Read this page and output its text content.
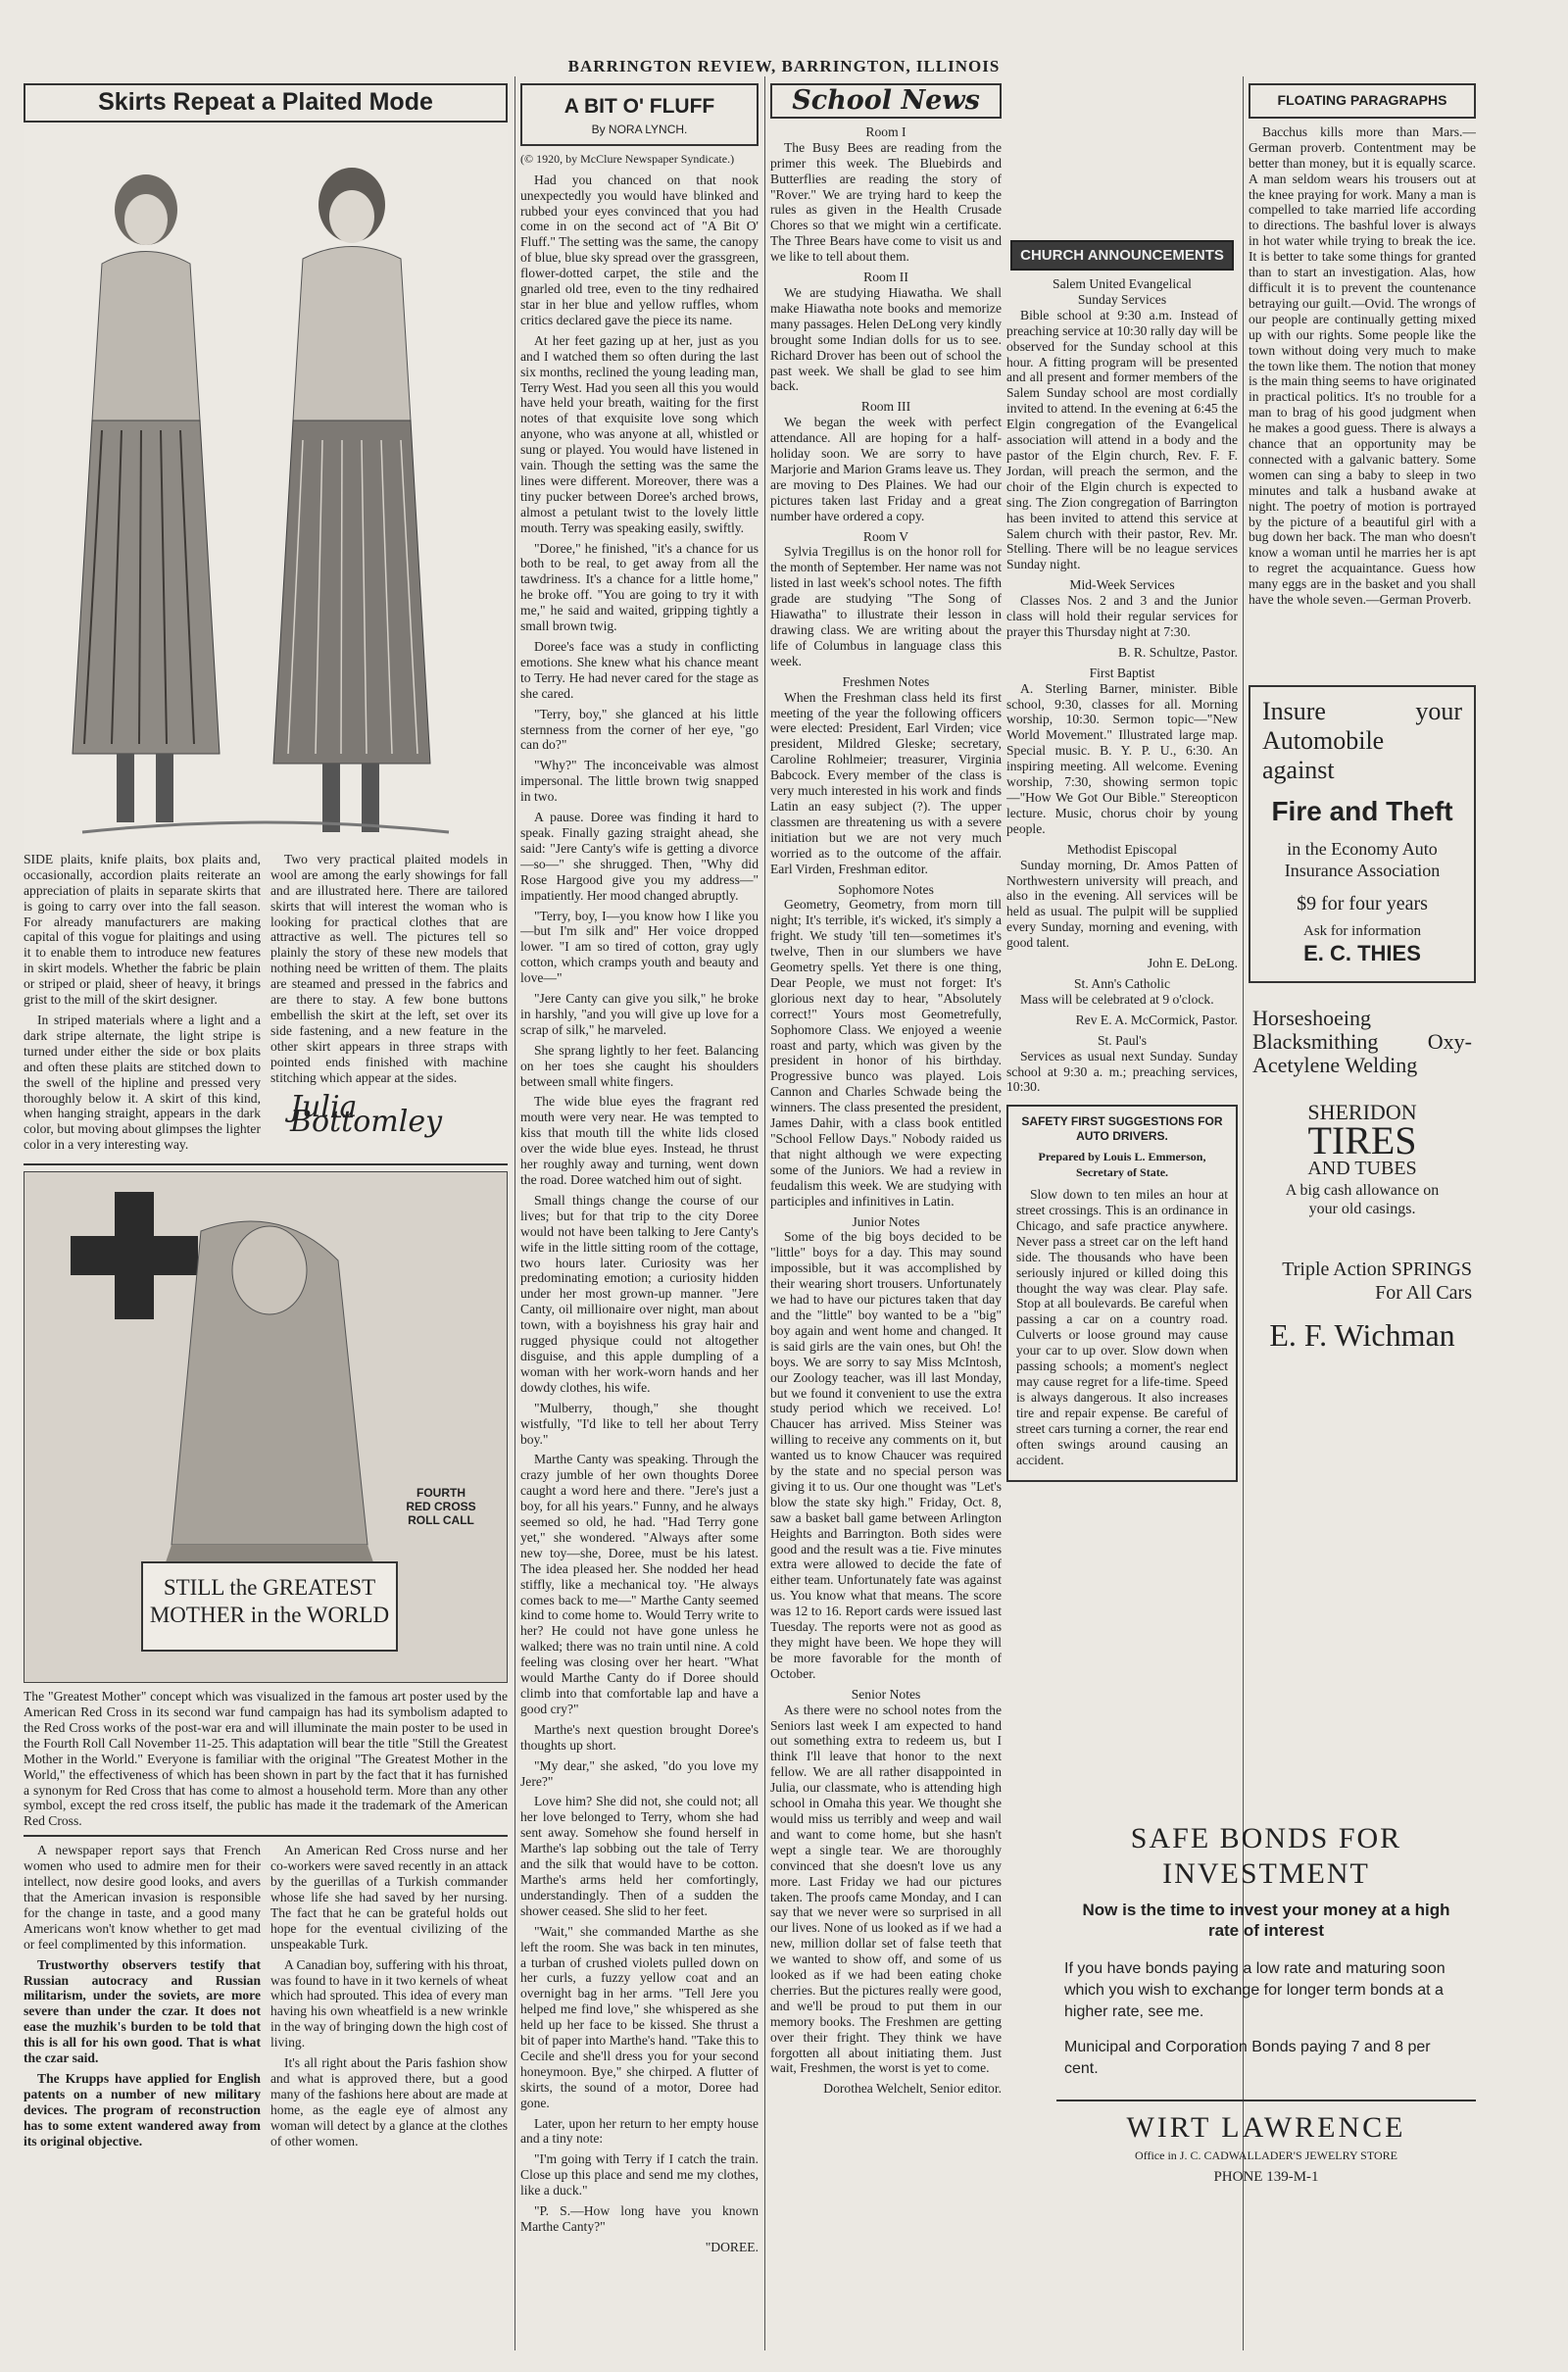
BARRINGTON REVIEW, BARRINGTON, ILLINOIS
Skirts Repeat a Plaited Mode

SIDE plaits, knife plaits, box plaits and, occasionally, accordion plaits reiterate an appreciation of plaits in separate skirts that is going to carry over into the fall season. For already manufacturers are making capital of this vogue for plaitings and using it to enable them to introduce new features in skirt models. Whether the fabric be plain or striped or plaid, sheer of heavy, it brings grist to the mill of the skirt designer.

In striped materials where a light and a dark stripe alternate, the light stripe is turned under either the side or box plaits and often these plaits are stitched down to the swell of the hipline and pressed very thoroughly below it. A skirt of this kind, when hanging straight, appears in the dark color, but moving about glimpses the lighter color in a very interesting way.

Two very practical plaited models in wool are among the early showings for fall and are illustrated here. There are tailored skirts that will interest the woman who is looking for practical clothes that are attractive as well. The pictures tell so plainly the story of these new models that nothing need be written of them. The plaits are steamed and pressed in the fabrics and are there to stay. A few bone buttons embellish the skirt at the left, set over its side fastening, and a new feature in the other skirt appears in three straps with pointed ends finished with machine stitching which appear at the sides.

Julia Bottomley
FOURTH
RED CROSS
ROLL CALL
STILL the GREATEST MOTHER in the WORLD

The "Greatest Mother" concept which was visualized in the famous art poster used by the American Red Cross in its second war fund campaign has had its symbolism adapted to the Red Cross works of the post-war era and will illuminate the main poster to be used in the Fourth Roll Call November 11-25. This adaptation will bear the title "Still the Greatest Mother in the World." Everyone is familiar with the original "The Greatest Mother in the World," the effectiveness of which has been shown in part by the fact that it has furnished a synonym for Red Cross that has come to almost a household term. More than any other symbol, except the red cross itself, the public has made it the trademark of the American Red Cross.

A newspaper report says that French women who used to admire men for their intellect, now desire good looks, and avers that the American invasion is responsible for the change in taste, and a good many Americans won't know whether to get mad or feel complimented by this information.

Trustworthy observers testify that Russian autocracy and Russian militarism, under the soviets, are more severe than under the czar. It does not ease the muzhik's burden to be told that this is all for his own good. That is what the czar said.

The Krupps have applied for English patents on a number of new military devices. The program of reconstruction has to some extent wandered away from its original objective.

An American Red Cross nurse and her co-workers were saved recently in an attack by the guerillas of a Turkish commander whose life she had saved by her nursing. The fact that he can be grateful holds out hope for the eventual civilizing of the unspeakable Turk.

A Canadian boy, suffering with his throat, was found to have in it two kernels of wheat which had sprouted. This idea of every man having his own wheatfield is a new wrinkle in the way of bringing down the high cost of living.

It's all right about the Paris fashion show and what is approved there, but a good many of the fashions here about are made at home, as the eagle eye of almost any woman will detect by a glance at the clothes of other women.

A BIT O' FLUFF
By NORA LYNCH.

(© 1920, by McClure Newspaper Syndicate.)

Had you chanced on that nook unexpectedly you would have blinked and rubbed your eyes convinced that you had come in on the second act of "A Bit O' Fluff." The setting was the same, the canopy of blue, blue sky spread over the grassgreen, flower-dotted carpet, the stile and the gnarled old tree, even to the tiny redhaired star in her blue and yellow ruffles, whom critics declared gave the piece its name.

At her feet gazing up at her, just as you and I watched them so often during the last six months, reclined the young leading man, Terry West. Had you seen all this you would have held your breath, waiting for the first notes of that exquisite love song which anyone, who was anyone at all, whistled or sung or played. You would have listened in vain. Though the setting was the same the lines were different. Moreover, there was a tiny pucker between Doree's arched brows, almost a petulant twist to the lovely little mouth. Terry was speaking easily, swiftly.

"Doree," he finished, "it's a chance for us both to be real, to get away from all the tawdriness. It's a chance for a little home," he broke off. "You are going to try it with me," he said and waited, gripping tightly a small brown twig.

Doree's face was a study in conflicting emotions. She knew what his chance meant to Terry. He had never cared for the stage as she cared.

"Terry, boy," she glanced at his little sternness from the corner of her eye, "go can do?"

"Why?" The inconceivable was almost impersonal. The little brown twig snapped in two.

A pause. Doree was finding it hard to speak. Finally gazing straight ahead, she said: "Jere Canty's wife is getting a divorce—so—" she shrugged. Then, "Why did Rose Hargood give you my address—" impatiently. Her mood changed abruptly.

"Terry, boy, I—you know how I like you—but I'm silk and" Her voice dropped lower. "I am so tired of cotton, gray ugly cotton, which cramps youth and beauty and love—"

"Jere Canty can give you silk," he broke in harshly, "and you will give up love for a scrap of silk," he marveled.

She sprang lightly to her feet. Balancing on her toes she caught his shoulders between small white fingers.

The wide blue eyes the fragrant red mouth were very near. He was tempted to kiss that mouth till the white lids closed over the wide blue eyes. Instead, he thrust her roughly away and turning, went down the road. Doree watched him out of sight.

Small things change the course of our lives; but for that trip to the city Doree would not have been talking to Jere Canty's wife in the little sitting room of the cottage, two hours later. Curiosity was her predominating emotion; a curiosity hidden under her most grown-up manner. "Jere Canty, oil millionaire over night, man about town, with a boyishness his gray hair and rugged physique could not altogether disguise, and this apple dumpling of a woman with her work-worn hands and her dowdy clothes, his wife.

"Mulberry, though," she thought wistfully, "I'd like to tell her about Terry boy."

Marthe Canty was speaking. Through the crazy jumble of her own thoughts Doree caught a word here and there. "Jere's just a boy, for all his years." Funny, and he always seemed so old, he had. "Had Terry gone yet," she wondered. "Always after some new toy—she, Doree, must be his latest. The idea pleased her. She nodded her head stiffly, like a mechanical toy. "He always comes back to me—" Marthe Canty seemed kind to come home to. Would Terry write to her? He could not have gone unless he walked; there was no train until nine. A cold feeling was closing over her heart. "What would Marthe Canty do if Doree should climb into that comfortable lap and have a good cry?"

Marthe's next question brought Doree's thoughts up short.

"My dear," she asked, "do you love my Jere?"

Love him? She did not, she could not; all her love belonged to Terry, whom she had sent away. Somehow she found herself in Marthe's lap sobbing out the tale of Terry and the silk that would have to be cotton. Marthe's arms held her comfortingly, understandingly. Then of a sudden the shower ceased. She slid to her feet.

"Wait," she commanded Marthe as she left the room. She was back in ten minutes, a turban of crushed violets pulled down on her curls, a fuzzy yellow coat and an overnight bag in her arms. "Tell Jere you helped me find love," she whispered as she held up her face to be kissed. She thrust a bit of paper into Marthe's hand. "Take this to Cecile and she'll dress you for your second honeymoon. Bye," she chirped. A flutter of skirts, the sound of a motor, Doree had gone.

Later, upon her return to her empty house and a tiny note:

"I'm going with Terry if I catch the train. Close up this place and send me my clothes, like a duck."

"P. S.—How long have you known Marthe Canty?"

"DOREE.

School News
Room I

The Busy Bees are reading from the primer this week. The Bluebirds and Butterflies are reading the story of "Rover." We are trying hard to keep the rules as given in the Health Crusade Chores so that we might win a certificate. The Three Bears have come to visit us and we like to tell about them.

Room II

We are studying Hiawatha. We shall make Hiawatha note books and memorize many passages. Helen DeLong very kindly brought some Indian dolls for us to see. Richard Drover has been out of school the past week. We shall be glad to see him back.

Room III

We began the week with perfect attendance. All are hoping for a half-holiday soon. We are sorry to have Marjorie and Marion Grams leave us. They are moving to Des Plaines. We had our pictures taken last Friday and a great number have ordered a copy.

Room V

Sylvia Tregillus is on the honor roll for the month of September. Her name was not listed in last week's school notes. The fifth grade are studying "The Song of Hiawatha" to illustrate their lesson in drawing class. We are writing about the life of Columbus in language class this week.

Freshmen Notes

When the Freshman class held its first meeting of the year the following officers were elected: President, Earl Virden; vice president, Mildred Gleske; secretary, Caroline Rohlmeier; treasurer, Virginia Babcock. Every member of the class is very much interested in his work and finds Latin an easy subject (?). The upper classmen are threatening us with a severe initiation but we are not very much worried as to the outcome of the affair. Earl Virden, Freshman editor.

Sophomore Notes

Geometry, Geometry, from morn till night; It's terrible, it's wicked, it's simply a fright. We study 'till ten—sometimes it's twelve, Then in our slumbers we have Geometry spells. Yet there is one thing, Dear People, we must not forget: It's glorious next day to hear, "Absolutely correct!" Yours most Geometrefully, Sophomore Class. We enjoyed a weenie roast and party, which was given by the president in honor of his birthday. Progressive bunco was played. Lois Cannon and Charles Schwade being the winners. The class presented the president, James Dahir, with a class book entitled "School Fellow Days." Nobody raided us that night although we were expecting some of the Juniors. We had a review in feudalism this week. We are studying with participles and infinitives in Latin.

Junior Notes

Some of the big boys decided to be "little" boys for a day. This may sound impossible, but it was accomplished by their wearing short trousers. Unfortunately we had to have our pictures taken that day and the "little" boy wanted to be a "big" boy again and went home and changed. It is said girls are the vain ones, but Oh! the boys. We are sorry to say Miss McIntosh, our Zoology teacher, was ill last Monday, but we found it convenient to use the extra study period which we received. Lo! Chaucer has arrived. Miss Steiner was willing to receive any comments on it, but wanted us to know Chaucer was required by the state and no special person was giving it to us. Our one thought was "Let's blow the state sky high." Friday, Oct. 8, saw a basket ball game between Arlington Heights and Barrington. Both sides were good and the result was a tie. Five minutes extra were allowed to decide the fate of either team. Unfortunately fate was against us. You know what that means. The score was 12 to 16. Report cards were issued last Tuesday. The reports were not as good as they might have been. We hope they will be more favorable for the month of October.

Senior Notes

As there were no school notes from the Seniors last week I am expected to hand out something extra to redeem us, but I think I'll leave that honor to the next fellow. We are all rather disappointed in Julia, our classmate, who is attending high school in Omaha this year. We thought she would miss us terribly and weep and wail and want to come home, but she hasn't wept a single tear. We are thoroughly convinced that she doesn't love us any more. Last Friday we had our pictures taken. The proofs came Monday, and I can say that we never were so surprised in all our lives. None of us looked as if we had a new, million dollar set of false teeth that we wanted to show off, and some of us looked as if we had been eating choke cherries. But the pictures really were good, and we'll be proud to put them in our memory books. The Freshmen are getting over their fright. They think we have forgotten all about initiating them. Just wait, Freshmen, the worst is yet to come.

Dorothea Welchelt, Senior editor.

CHURCH ANNOUNCEMENTS
Salem United Evangelical
Sunday Services

Bible school at 9:30 a.m. Instead of preaching service at 10:30 rally day will be observed for the Sunday school at this hour. A fitting program will be presented and all present and former members of the Salem Sunday school are most cordially invited to attend. In the evening at 6:45 the Elgin congregation of the Evangelical association will attend in a body and the pastor of the Elgin church, Rev. F. F. Jordan, will preach the sermon, and the choir of the Elgin church is expected to sing. The Zion congregation of Barrington has been invited to attend this service at Salem church with their pastor, Rev. Mr. Stelling. There will be no league services Sunday night.

Mid-Week Services

Classes Nos. 2 and 3 and the Junior class will hold their regular services for prayer this Thursday night at 7:30.

B. R. Schultze, Pastor.

First Baptist

A. Sterling Barner, minister. Bible school, 9:30, classes for all. Morning worship, 10:30. Sermon topic—"New World Movement." Illustrated large map. Special music. B. Y. P. U., 6:30. An inspiring meeting. All welcome. Evening worship, 7:30, showing sermon topic—"How We Got Our Bible." Stereopticon lecture. Music, chorus choir by young people.

Methodist Episcopal

Sunday morning, Dr. Amos Patten of Northwestern university will preach, and also in the evening. All services will be held as usual. The pulpit will be supplied every Sunday, morning and evening, with good talent.

John E. DeLong.

St. Ann's Catholic

Mass will be celebrated at 9 o'clock.

Rev E. A. McCormick, Pastor.

St. Paul's

Services as usual next Sunday. Sunday school at 9:30 a. m.; preaching services, 10:30.

SAFETY FIRST SUGGESTIONS FOR AUTO DRIVERS.
Prepared by Louis L. Emmerson, Secretary of State.

Slow down to ten miles an hour at street crossings. This is an ordinance in Chicago, and safe practice anywhere. Never pass a street car on the left hand side. The thousands who have been seriously injured or killed doing this thought the way was clear. Play safe. Stop at all boulevards. Be careful when passing a car on a country road. Culverts or loose ground may cause your car to up over. Slow down when passing schools; a moment's neglect may cause regret for a life-time. Speed is always dangerous. It also increases tire and repair expense. Be careful of street cars turning a corner, the rear end often swings around causing an accident.

FLOATING PARAGRAPHS

Bacchus kills more than Mars.—German proverb. Contentment may be better than money, but it is equally scarce. A man seldom wears his trousers out at the knee praying for work. Many a man is compelled to take married life according to directions. The bashful lover is always in hot water while trying to break the ice. It is better to take some things for granted than to start an investigation. Alas, how difficult it is to prevent the countenance betraying our guilt.—Ovid. The wrongs of our people are continually getting mixed up with our rights. Some people like the town without doing very much to make the town like them. The notion that money is the main thing seems to have originated in practical politics. It's no trouble for a man to brag of his good judgment when he makes a good guess. There is always a chance that an opportunity may be connected with a galvanic battery. Some women can sing a baby to sleep in two minutes and talk a husband awake at night. The poetry of motion is portrayed by the picture of a beautiful girl with a bug down her back. The man who doesn't know a woman until he marries her is apt to regret the acquaintance. Guess how many eggs are in the basket and you shall have the whole seven.—German Proverb.

Insure your Automobile against
Fire and Theft
in the Economy Auto Insurance Association
$9 for four years
Ask for information
E. C. THIES
Horseshoeing Blacksmithing Oxy-Acetylene Welding
SHERIDON
TIRES
AND TUBES
A big cash allowance on your old casings.
Triple Action SPRINGS For All Cars
E. F. Wichman
SAFE BONDS FOR INVESTMENT
Now is the time to invest your money at a high rate of interest
If you have bonds paying a low rate and maturing soon which you wish to exchange for longer term bonds at a higher rate, see me.
Municipal and Corporation Bonds paying 7 and 8 per cent.
WIRT LAWRENCE
Office in J. C. CADWALLADER'S JEWELRY STORE
PHONE 139-M-1
